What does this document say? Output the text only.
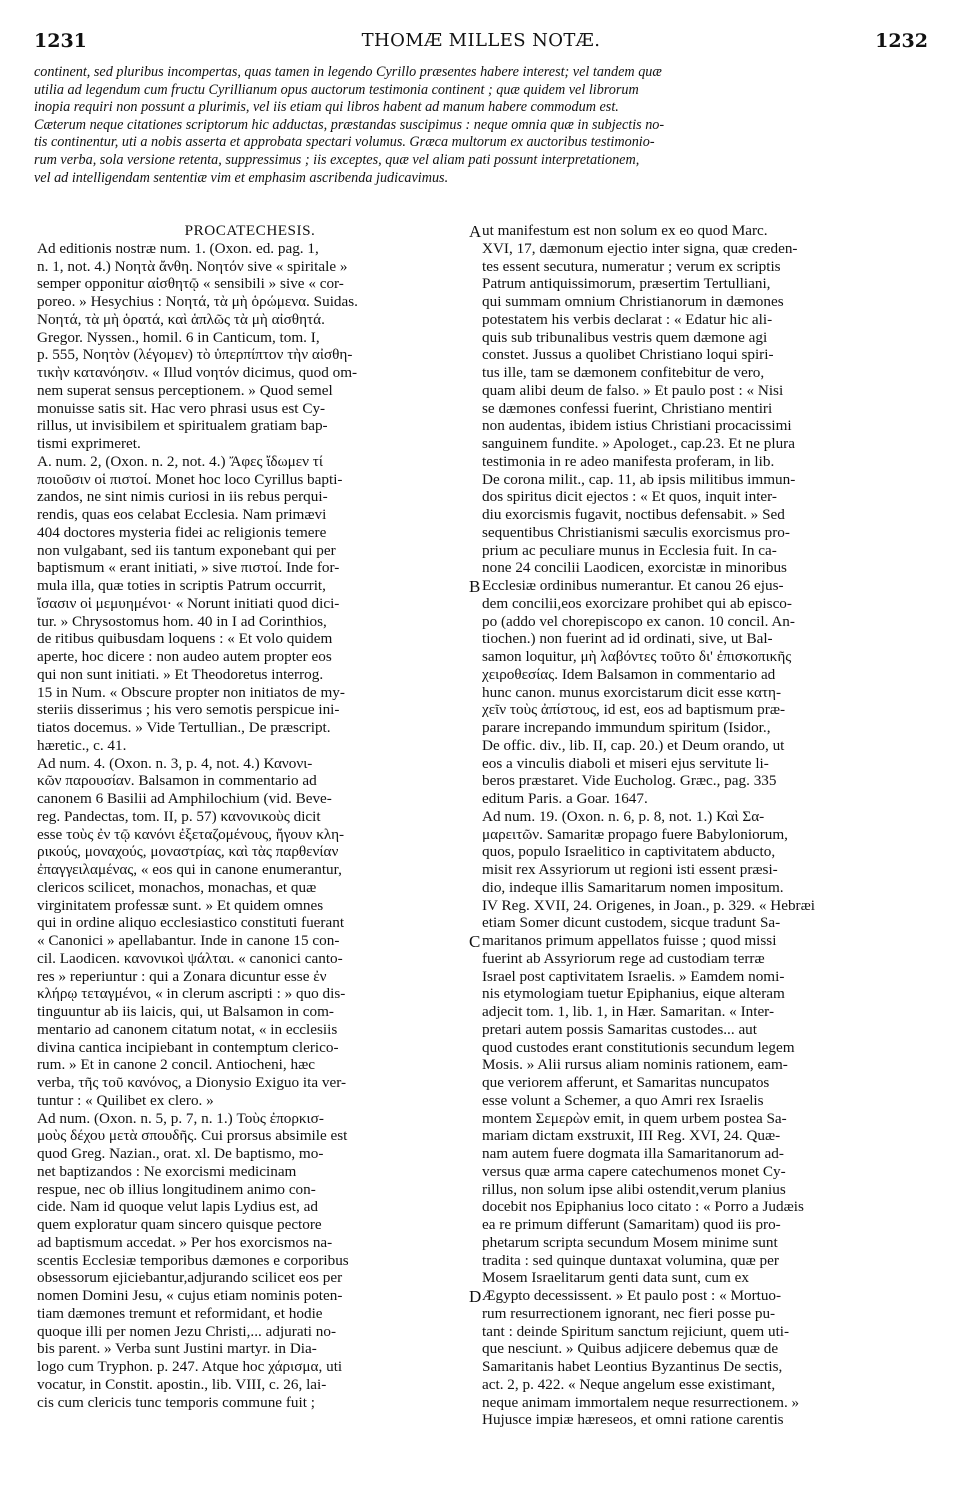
1231	THOMÆ MILLES NOTÆ.	1232
continent, sed pluribus incompertas, quas tamen in legendo Cyrillo præsentes habere interest; vel tandem quæ
utilia ad legendum cum fructu Cyrillianum opus auctorum testimonia continent ; quæ quidem vel librorum
inopia requiri non possunt a plurimis, vel iis etiam qui libros habent ad manum habere commodum est.
Cæterum neque citationes scriptorum hic adductas, præstandas suscipimus : neque omnia quæ in subjectis no-
tis continentur, uti a nobis asserta et approbata spectari volumus. Græca multorum ex auctoribus testimonio-
rum verba, sola versione retenta, suppressimus ; iis exceptes, quæ vel aliam pati possunt interpretationem,
vel ad intelligendam sententiæ vim et emphasim ascribenda judicavimus.
PROCATECHESIS.
Ad editionis nostræ num. 1. (Oxon. ed. pag. 1,
n. 1, not. 4.) Νοητὰ ἄνθη. Νοητόν sive « spiritale »
semper opponitur αἰσθητῷ « sensibili » sive « cor-
poreo. » Hesychius : Νοητά, τὰ μὴ ὁρώμενα. Suidas.
Νοητά, τὰ μὴ ὁρατά, καὶ ἁπλῶς τὰ μὴ αἰσθητά.
Gregor. Nyssen., homil. 6 in Canticum, tom. I,
p. 555, Νοητὸν (λέγομεν) τὸ ὑπερπίπτον τὴν αἰσθη-
τικὴν κατανόησιν. « Illud νοητόν dicimus, quod om-
nem superat sensus perceptionem. » Quod semel
monuisse satis sit. Hac vero phrasi usus est Cy-
rillus, ut invisibilem et spiritualem gratiam bap-
tismi exprimeret.
A. num. 2, (Oxon. n. 2, not. 4.) Ἄφες ἴδωμεν τί
ποιοῦσιν οἱ πιστοί. Monet hoc loco Cyrillus bapti-
zandos, ne sint nimis curiosi in iis rebus perqui-
rendis, quas eos celabat Ecclesia. Nam primævi
404 doctores mysteria fidei ac religionis temere
non vulgabant, sed iis tantum exponebant qui per
baptismum « erant initiati, » sive πιστοί. Inde for-
mula illa, quæ toties in scriptis Patrum occurrit,
ἴσασιν οἱ μεμυημένοι· « Norunt initiati quod dici-
tur. » Chrysostomus hom. 40 in I ad Corinthios,
de ritibus quibusdam loquens : « Et volo quidem
aperte, hoc dicere : non audeo autem propter eos
qui non sunt initiati. » Et Theodoretus interrog.
15 in Num. « Obscure propter non initiatos de my-
steriis disserimus ; his vero semotis perspicue ini-
tiatos docemus. » Vide Tertullian., De præscript.
hæretic., c. 41.
Ad num. 4. (Oxon. n. 3, p. 4, not. 4.) Κανονι-
κῶν παρουσίαν. Balsamon in commentario ad
canonem 6 Basilii ad Amphilochium (vid. Beve-
reg. Pandectas, tom. II, p. 57) κανονικοὺς dicit
esse τοὺς ἐν τῷ κανόνι ἐξεταζομένους, ἤγουν κλη-
ρικούς, μοναχούς, μοναστρίας, καὶ τὰς παρθενίαν
ἐπαγγειλαμένας, « eos qui in canone enumerantur,
clericos scilicet, monachos, monachas, et quæ
virginitatem professæ sunt. » Et quidem omnes
qui in ordine aliquo ecclesiastico constituti fuerant
« Canonici » apellabantur. Inde in canone 15 con-
cil. Laodicen. κανονικοὶ ψάλται. « canonici canto-
res » reperiuntur : qui a Zonara dicuntur esse ἐν
κλήρῳ τεταγμένοι, « in clerum ascripti : » quo dis-
tinguuntur ab iis laicis, qui, ut Balsamon in com-
mentario ad canonem citatum notat, « in ecclesiis
divina cantica incipiebant in contemptum clerico-
rum. » Et in canone 2 concil. Antiocheni, hæc
verba, τῆς τοῦ κανόνος, a Dionysio Exiguo ita ver-
tuntur : « Quilibet ex clero. »
Ad num. (Oxon. n. 5, p. 7, n. 1.) Τοὺς ἐπορκισ-
μοὺς δέχου μετὰ σπουδῆς. Cui prorsus absimile est
quod Greg. Nazian., orat. xl. De baptismo, mo-
net baptizandos : Ne exorcismi medicinam
respue, nec ob illius longitudinem animo con-
cide. Nam id quoque velut lapis Lydius est, ad
quem exploratur quam sincero quisque pectore
ad baptismum accedat. » Per hos exorcismos na-
scentis Ecclesiæ temporibus dæmones e corporibus
obsessorum ejiciebantur,adjurando scilicet eos per
nomen Domini Jesu, « cujus etiam nominis poten-
tiam dæmones tremunt et reformidant, et hodie
quoque illi per nomen Jezu Christi,... adjurati no-
bis parent. » Verba sunt Justini martyr. in Dia-
logo cum Tryphon. p. 247. Atque hoc χάρισμα, uti
vocatur, in Constit. apostin., lib. VIII, c. 26, lai-
cis cum clericis tunc temporis commune fuit ;
ut manifestum est non solum ex eo quod Marc.
XVI, 17, dæmonum ejectio inter signa, quæ creden-
tes essent secutura, numeratur ; verum ex scriptis
Patrum antiquissimorum, præsertim Tertulliani,
qui summam omnium Christianorum in dæmones
potestatem his verbis declarat : « Edatur hic ali-
quis sub tribunalibus vestris quem dæmone agi
constet. Jussus a quolibet Christiano loqui spiri-
tus ille, tam se dæmonem confitebitur de vero,
quam alibi deum de falso. » Et paulo post : « Nisi
se dæmones confessi fuerint, Christiano mentiri
non audentas, ibidem istius Christiani procacissimi
sanguinem fundite. » Apologet., cap.23. Et ne plura
testimonia in re adeo manifesta proferam, in lib.
De corona milit., cap. 11, ab ipsis militibus immun-
dos spiritus dicit ejectos : « Et quos, inquit inter-
diu exorcismis fugavit, noctibus defensabit. » Sed
sequentibus Christianismi sæculis exorcismus pro-
prium ac peculiare munus in Ecclesia fuit. In ca-
none 24 concilii Laodicen, exorcistæ in minoribus
Ecclesiæ ordinibus numerantur. Et canou 26 ejus-
dem concilii,eos exorcizare prohibet qui ab episco-
po (addo vel chorepiscopo ex canon. 10 concil. An-
tiochen.) non fuerint ad id ordinati, sive, ut Bal-
samon loquitur, μὴ λαβόντες τοῦτο δι' ἐπισκοπικῆς
χειροθεσίας. Idem Balsamon in commentario ad
hunc canon. munus exorcistarum dicit esse κατη-
χεῖν τοὺς ἀπίστους, id est, eos ad baptismum præ-
parare increpando immundum spiritum (Isidor.,
De offic. div., lib. II, cap. 20.) et Deum orando, ut
eos a vinculis diaboli et miseri ejus servitute li-
beros præstaret. Vide Eucholog. Græc., pag. 335
editum Paris. a Goar. 1647.
Ad num. 19. (Oxon. n. 6, p. 8, not. 1.) Καὶ Σα-
μαρειτῶν. Samaritæ propago fuere Babyloniorum,
quos, populo Israelitico in captivitatem abducto,
misit rex Assyriorum ut regioni isti essent præsi-
dio, indeque illis Samaritarum nomen impositum.
IV Reg. XVII, 24. Origenes, in Joan., p. 329. « Hebræi
etiam Somer dicunt custodem, sicque tradunt Sa-
maritanos primum appellatos fuisse ; quod missi
fuerint ab Assyriorum rege ad custodiam terræ
Israel post captivitatem Israelis. » Eamdem nomi-
nis etymologiam tuetur Epiphanius, eique alteram
adjecit tom. 1, lib. 1, in Hær. Samaritan. « Inter-
pretari autem possis Samaritas custodes... aut
quod custodes erant constitutionis secundum legem
Mosis. » Alii rursus aliam nominis rationem, eam-
que veriorem afferunt, et Samaritas nuncupatos
esse volunt a Schemer, a quo Amri rex Israelis
montem Σεμερὼν emit, in quem urbem postea Sa-
mariam dictam exstruxit, III Reg. XVI, 24. Quæ-
nam autem fuere dogmata illa Samaritanorum ad-
versus quæ arma capere catechumenos monet Cy-
rillus, non solum ipse alibi ostendit,verum planius
docebit nos Epiphanius loco citato : « Porro a Judæis
ea re primum differunt (Samaritam) quod iis pro-
phetarum scripta secundum Mosem minime sunt
tradita : sed quinque duntaxat volumina, quæ per
Mosem Israelitarum genti data sunt, cum ex
Ægypto decessissent. » Et paulo post : « Mortuo-
rum resurrectionem ignorant, nec fieri posse pu-
tant : deinde Spiritum sanctum rejiciunt, quem uti-
que nesciunt. » Quibus adjicere debemus quæ de
Samaritanis habet Leontius Byzantinus De sectis,
act. 2, p. 422. « Neque angelum esse existimant,
neque animam immortalem neque resurrectionem. »
Hujusce impiæ hæreseos, et omni ratione carentis
A
B
C
D
